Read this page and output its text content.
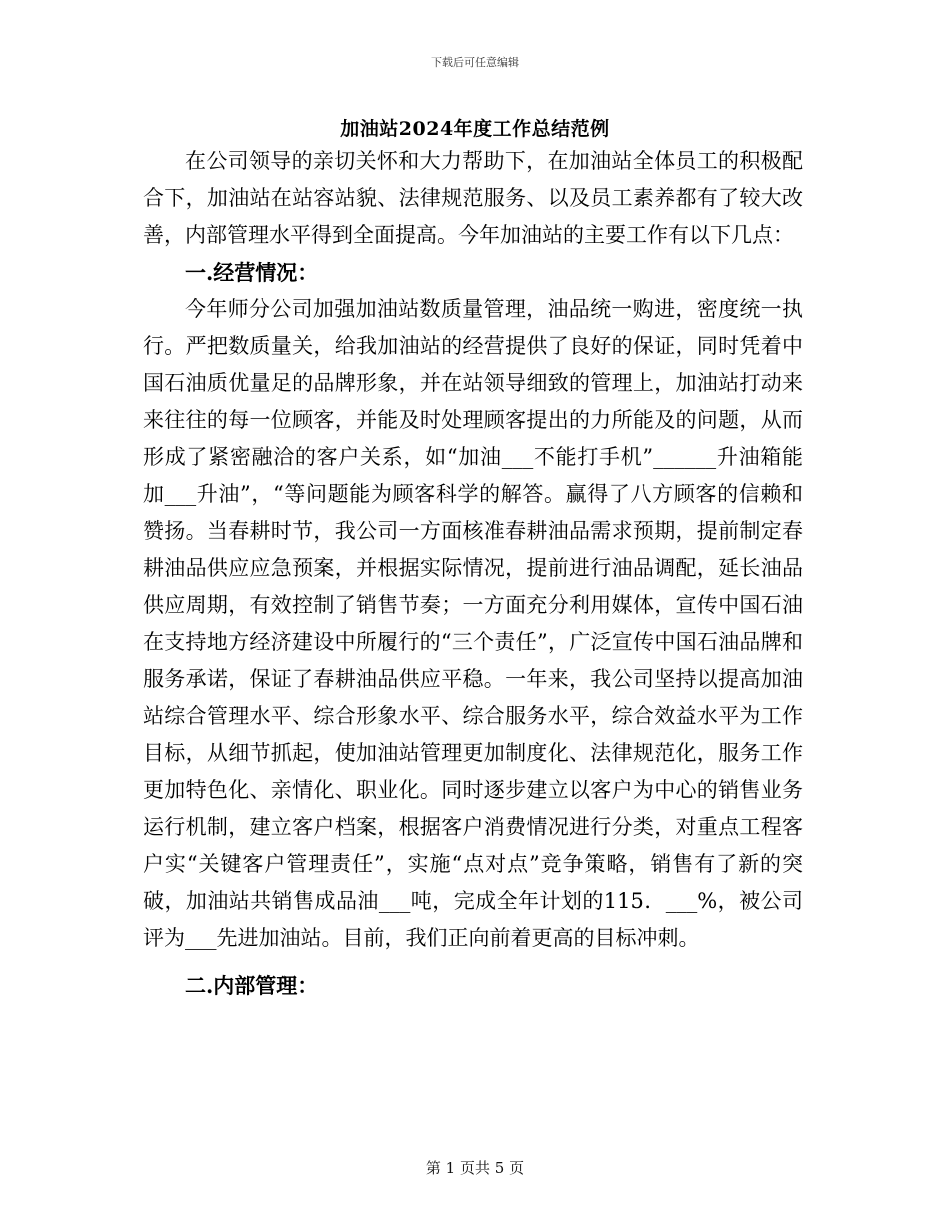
下载后可任意编辑
加油站2024年度工作总结范例

在公司领导的亲切关怀和大力帮助下，在加油站全体员工的积极配合下，加油站在站容站貌、法律规范服务、以及员工素养都有了较大改善，内部管理水平得到全面提高。今年加油站的主要工作有以下几点：

一.经营情况：

今年师分公司加强加油站数质量管理，油品统一购进，密度统一执行。严把数质量关，给我加油站的经营提供了良好的保证，同时凭着中国石油质优量足的品牌形象，并在站领导细致的管理上，加油站打动来来往往的每一位顾客，并能及时处理顾客提出的力所能及的问题，从而形成了紧密融洽的客户关系，如“加油___不能打手机”______升油箱能加___升油”，“等问题能为顾客科学的解答。赢得了八方顾客的信赖和赞扬。当春耕时节，我公司一方面核准春耕油品需求预期，提前制定春耕油品供应应急预案，并根据实际情况，提前进行油品调配，延长油品供应周期，有效控制了销售节奏；一方面充分利用媒体，宣传中国石油在支持地方经济建设中所履行的“三个责任”，广泛宣传中国石油品牌和服务承诺，保证了春耕油品供应平稳。一年来，我公司坚持以提高加油站综合管理水平、综合形象水平、综合服务水平，综合效益水平为工作目标，从细节抓起，使加油站管理更加制度化、法律规范化，服务工作更加特色化、亲情化、职业化。同时逐步建立以客户为中心的销售业务运行机制，建立客户档案，根据客户消费情况进行分类，对重点工程客户实“关键客户管理责任”，实施“点对点”竞争策略，销售有了新的突破，加油站共销售成品油___吨，完成全年计划的115．___%，被公司评为___先进加油站。目前，我们正向前着更高的目标冲刺。

二.内部管理：

第 1 页共 5 页
